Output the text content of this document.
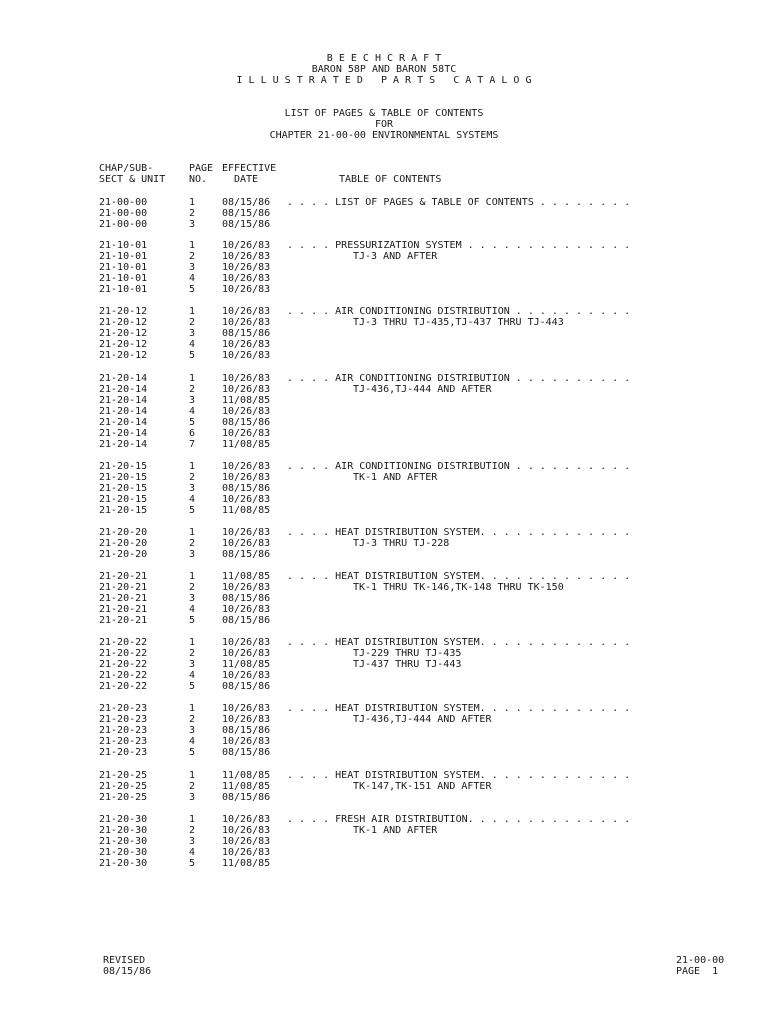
B E E C H C R A F T
BARON 58P AND BARON 58TC
I L L U S T R A T E D   P A R T S   C A T A L O G
LIST OF PAGES & TABLE OF CONTENTS
FOR
CHAPTER 21-00-00 ENVIRONMENTAL SYSTEMS
CHAP/SUB-
SECT & UNIT
PAGE
NO.
EFFECTIVE
DATE	TABLE OF CONTENTS
21-00-00	1	08/15/86 . . . . LIST OF PAGES & TABLE OF CONTENTS . . . . . . . .
21-00-00	2	08/15/86
21-00-00	3	08/15/86
21-10-01	1	10/26/83 . . . . PRESSURIZATION SYSTEM . . . . . . . . . . . . . .
21-10-01	2	10/26/83	TJ-3 AND AFTER
21-10-01	3	10/26/83
21-10-01	4	10/26/83
21-10-01	5	10/26/83
21-20-12	1	10/26/83 . . . . AIR CONDITIONING DISTRIBUTION . . . . . . . . . .
21-20-12	2	10/26/83	TJ-3 THRU TJ-435,TJ-437 THRU TJ-443
21-20-12	3	08/15/86
21-20-12	4	10/26/83
21-20-12	5	10/26/83
21-20-14	1	10/26/83 . . . . AIR CONDITIONING DISTRIBUTION . . . . . . . . . .
21-20-14	2	10/26/83	TJ-436,TJ-444 AND AFTER
21-20-14	3	11/08/85
21-20-14	4	10/26/83
21-20-14	5	08/15/86
21-20-14	6	10/26/83
21-20-14	7	11/08/85
21-20-15	1	10/26/83 . . . . AIR CONDITIONING DISTRIBUTION . . . . . . . . . .
21-20-15	2	10/26/83	TK-1 AND AFTER
21-20-15	3	08/15/86
21-20-15	4	10/26/83
21-20-15	5	11/08/85
21-20-20	1	10/26/83 . . . . HEAT DISTRIBUTION SYSTEM. . . . . . . . . . . . .
21-20-20	2	10/26/83	TJ-3 THRU TJ-228
21-20-20	3	08/15/86
21-20-21	1	11/08/85 . . . . HEAT DISTRIBUTION SYSTEM. . . . . . . . . . . . .
21-20-21	2	10/26/83	TK-1 THRU TK-146,TK-148 THRU TK-150
21-20-21	3	08/15/86
21-20-21	4	10/26/83
21-20-21	5	08/15/86
21-20-22	1	10/26/83 . . . . HEAT DISTRIBUTION SYSTEM. . . . . . . . . . . . .
21-20-22	2	10/26/83	TJ-229 THRU TJ-435
21-20-22	3	11/08/85	TJ-437 THRU TJ-443
21-20-22	4	10/26/83
21-20-22	5	08/15/86
21-20-23	1	10/26/83 . . . . HEAT DISTRIBUTION SYSTEM. . . . . . . . . . . . .
21-20-23	2	10/26/83	TJ-436,TJ-444 AND AFTER
21-20-23	3	08/15/86
21-20-23	4	10/26/83
21-20-23	5	08/15/86
21-20-25	1	11/08/85 . . . . HEAT DISTRIBUTION SYSTEM. . . . . . . . . . . . .
21-20-25	2	11/08/85	TK-147,TK-151 AND AFTER
21-20-25	3	08/15/86
21-20-30	1	10/26/83 . . . . FRESH AIR DISTRIBUTION. . . . . . . . . . . . . .
21-20-30	2	10/26/83	TK-1 AND AFTER
21-20-30	3	10/26/83
21-20-30	4	10/26/83
21-20-30	5	11/08/85
REVISED
08/15/86
21-00-00
PAGE  1
